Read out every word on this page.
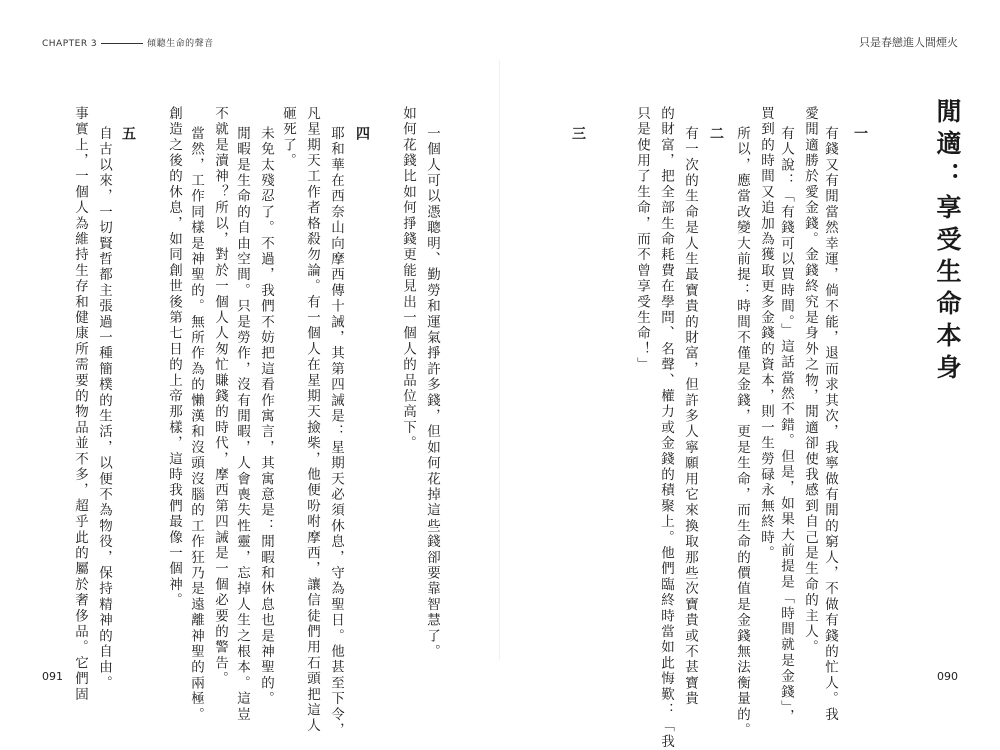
CHAPTER 3	傾聽生命的聲音	只是春戀進人間煙火
閒適：享受生命本身
一
有錢又有閒當然幸運，倘不能，退而求其次，我寧做有閒的窮人，不做有錢的忙人。我
愛閒適勝於愛金錢。金錢終究是身外之物，閒適卻使我感到自己是生命的主人。
有人說：「有錢可以買時間。」這話當然不錯。但是，如果大前提是「時間就是金錢」，
買到的時間又追加為獲取更多金錢的資本，則一生勞碌永無終時。
所以，應當改變大前提：時間不僅是金錢，更是生命，而生命的價值是金錢無法衡量的。
二
有一次的生命是人生最寶貴的財富，但許多人寧願用它來換取那些次寶貴或不甚寶貴
的財富，把全部生命耗費在學問、名聲、權力或金錢的積聚上。他們臨終時當如此悔歎：「我
只是使用了生命，而不曾享受生命！」
三
一個人可以憑聰明、勤勞和運氣掙許多錢，但如何花掉這些錢卻要靠智慧了。
如何花錢比如何掙錢更能見出一個人的品位高下。
四
耶和華在西奈山向摩西傳十誡，其第四誡是：星期天必須休息，守為聖日。他甚至下令，
凡星期天工作者格殺勿論。有一個人在星期天撿柴，他便吩咐摩西，讓信徒們用石頭把這人
砸死了。
未免太殘忍了。不過，我們不妨把這看作寓言，其寓意是：閒暇和休息也是神聖的。
閒暇是生命的自由空間。只是勞作，沒有閒暇，人會喪失性靈，忘掉人生之根本。這豈
不就是瀆神？所以，對於一個人人匆忙賺錢的時代，摩西第四誡是一個必要的警告。
當然，工作同樣是神聖的。無所作為的懶漢和沒頭沒腦的工作狂乃是遠離神聖的兩極。
創造之後的休息，如同創世後第七日的上帝那樣，這時我們最像一個神。
五
自古以來，一切賢哲都主張過一種簡樸的生活，以便不為物役，保持精神的自由。
事實上，一個人為維持生存和健康所需要的物品並不多，超乎此的屬於奢侈品。它們固
091	090
